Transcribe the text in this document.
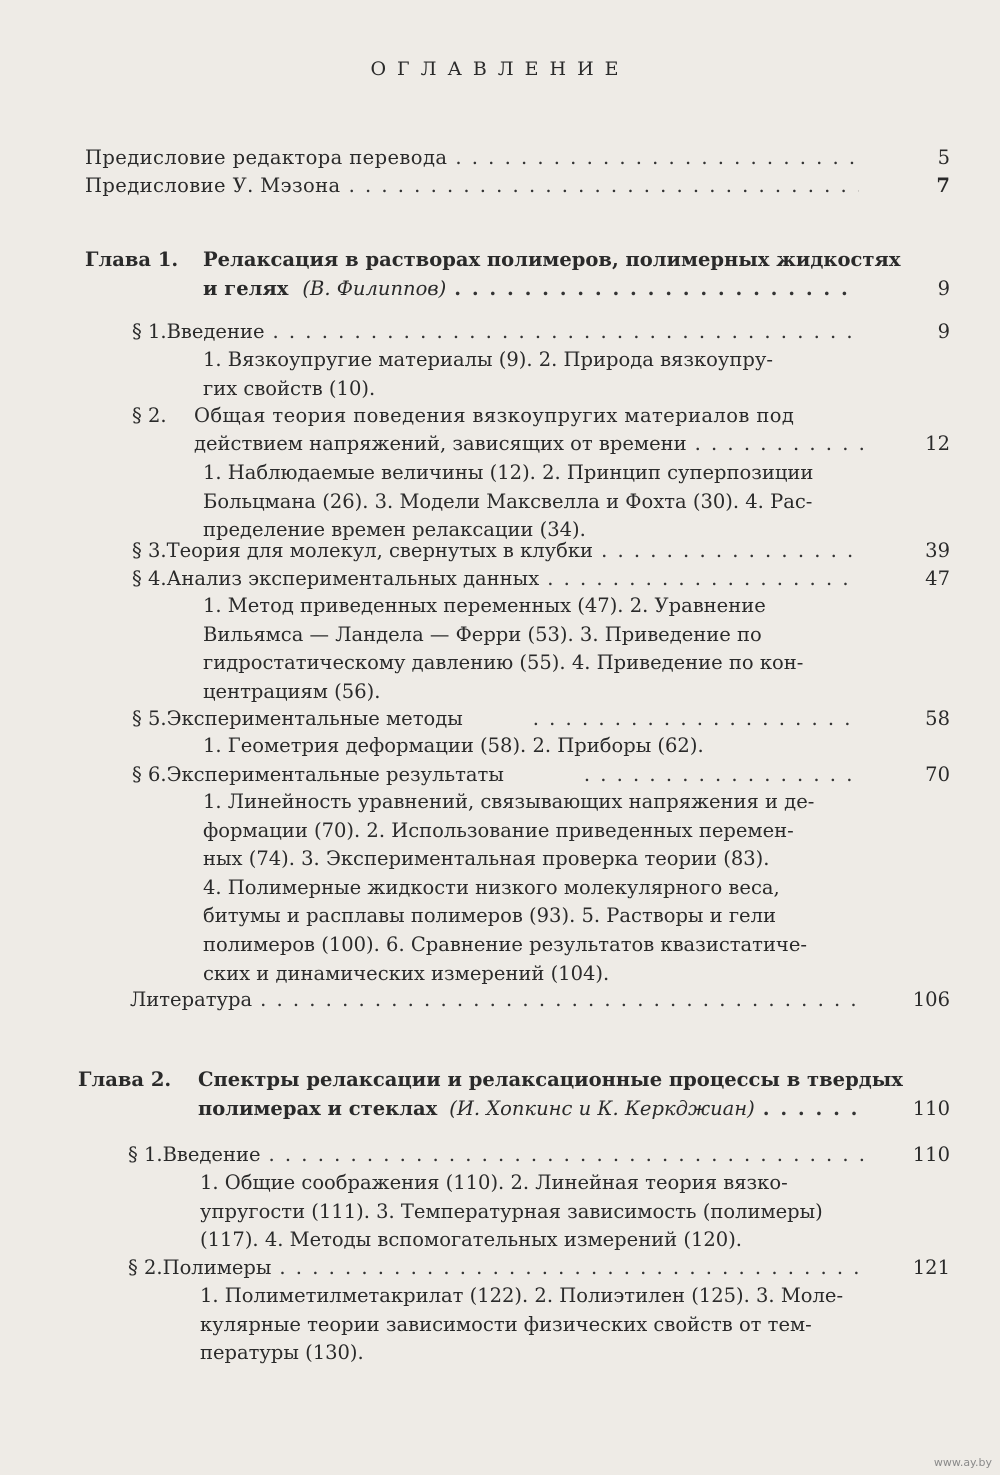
ОГЛАВЛЕНИЕ
Предисловие редактора перевода . . .	5
Предисловие У. Мэзона . . .	7
Глава 1.	Релаксация в растворах полимеров, полимерных жидкостях
и гелях (В. Филиппов) . . .	9
§ 1. Введение . . .	9
1. Вязкоупругие материалы (9). 2. Природа вязкоупру-
гих свойств (10).
§ 2.	Общая теория поведения вязкоупругих материалов под
действием напряжений, зависящих от времени . . .	12
1. Наблюдаемые величины (12). 2. Принцип суперпозиции
Больцмана (26). 3. Модели Максвелла и Фохта (30). 4. Рас-
пределение времен релаксации (34).
§ 3. Теория для молекул, свернутых в клубки . . .	39
§ 4. Анализ экспериментальных данных . . .	47
1. Метод приведенных переменных (47). 2. Уравнение
Вильямса — Ландела — Ферри (53). 3. Приведение по
гидростатическому давлению (55). 4. Приведение по кон-
центрациям (56).
§ 5. Экспериментальные методы . . .	58
1. Геометрия деформации (58). 2. Приборы (62).
§ 6. Экспериментальные результаты . . .	70
1. Линейность уравнений, связывающих напряжения и де-
формации (70). 2. Использование приведенных перемен-
ных (74). 3. Экспериментальная проверка теории (83).
4. Полимерные жидкости низкого молекулярного веса,
битумы и расплавы полимеров (93). 5. Растворы и гели
полимеров (100). 6. Сравнение результатов квазистатиче-
ских и динамических измерений (104).
Литература . . .	106
Глава 2.	Спектры релаксации и релаксационные процессы в твердых
полимерах и стеклах (И. Хопкинс и К. Керкджиан) . . .	110
§ 1. Введение . . .	110
1. Общие соображения (110). 2. Линейная теория вязко-
упругости (111). 3. Температурная зависимость (полимеры)
(117). 4. Методы вспомогательных измерений (120).
§ 2. Полимеры . . .	121
1. Полиметилметакрилат (122). 2. Полиэтилен (125). 3. Моле-
кулярные теории зависимости физических свойств от тем-
пературы (130).
www.ay.by
